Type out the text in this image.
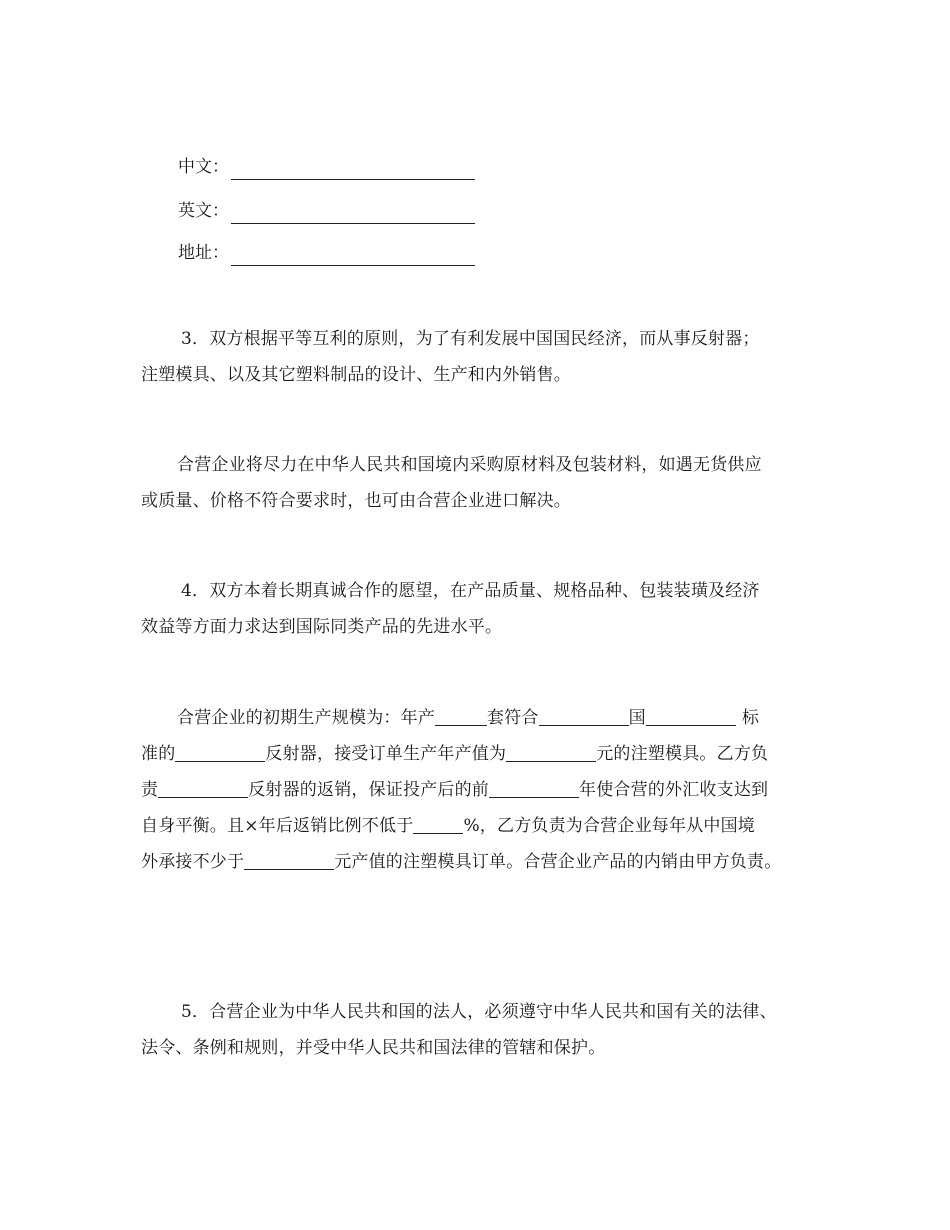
中文：
英文：
地址：
3．双方根据平等互利的原则，为了有利发展中国国民经济，而从事反射器；
注塑模具、以及其它塑料制品的设计、生产和内外销售。
合营企业将尽力在中华人民共和国境内采购原材料及包装材料，如遇无货供应
或质量、价格不符合要求时，也可由合营企业进口解决。
4．双方本着长期真诚合作的愿望，在产品质量、规格品种、包装装璜及经济
效益等方面力求达到国际同类产品的先进水平。
合营企业的初期生产规模为：年产	套符合	国	标
准的	反射器，接受订单生产年产值为	元的注塑模具。乙方负
责	反射器的返销，保证投产后的前	年使合营的外汇收支达到
自身平衡。且×年后返销比例不低于	%，乙方负责为合营企业每年从中国境
外承接不少于	元产值的注塑模具订单。合营企业产品的内销由甲方负责。
5．合营企业为中华人民共和国的法人，必须遵守中华人民共和国有关的法律、
法令、条例和规则，并受中华人民共和国法律的管辖和保护。
